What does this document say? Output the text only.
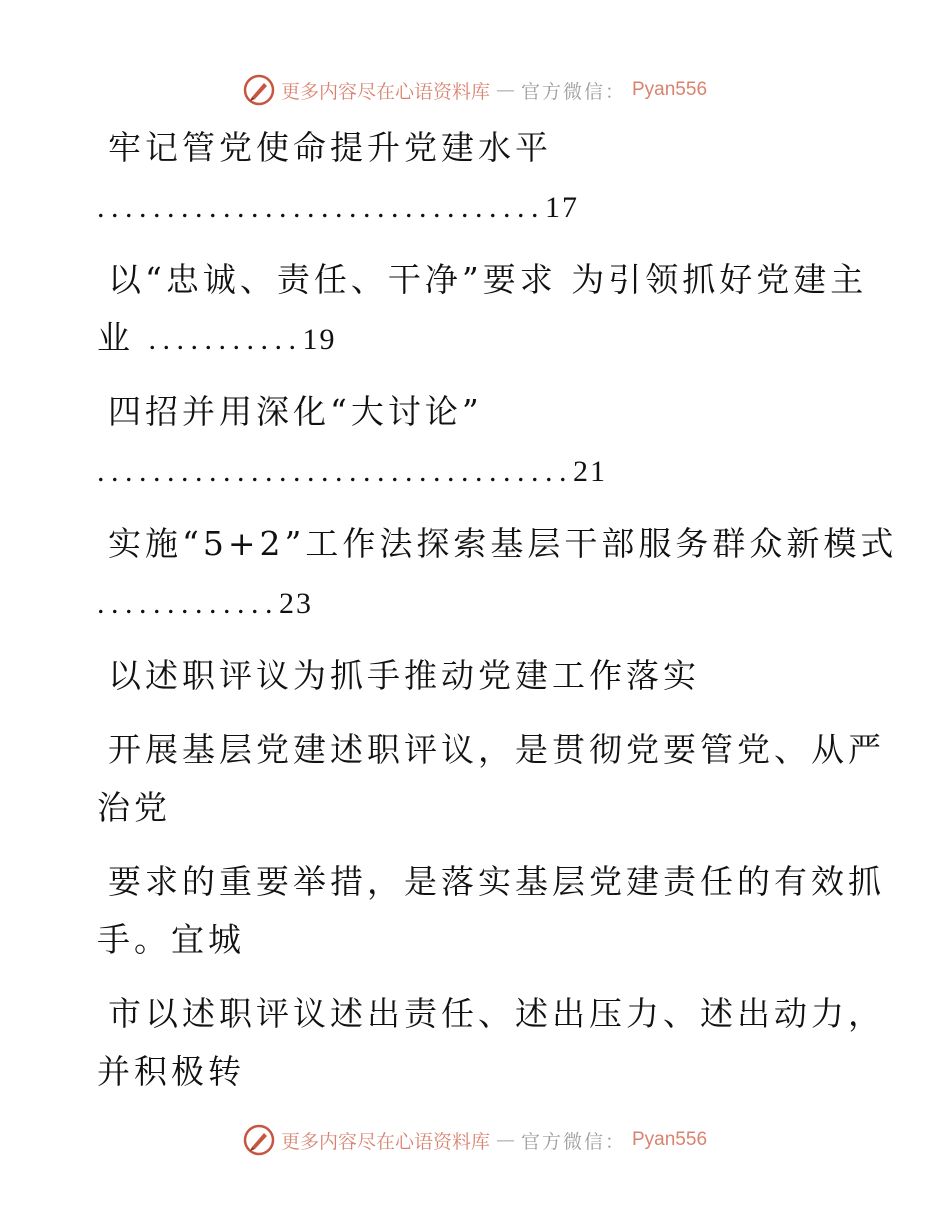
更多内容尽在心语资料库 — 官方微信： Pyan556
牢记管党使命提升党建水平
................................17
以“忠诚、责任、干净”要求 为引领抓好党建主
业 ...........19
四招并用深化“大讨论”
..................................21
实施“5+2”工作法探索基层干部服务群众新模式
.............23
以述职评议为抓手推动党建工作落实
开展基层党建述职评议，是贯彻党要管党、从严
治党
要求的重要举措，是落实基层党建责任的有效抓
手。宜城
市以述职评议述出责任、述出压力、述出动力，
并积极转
更多内容尽在心语资料库 — 官方微信： Pyan556
